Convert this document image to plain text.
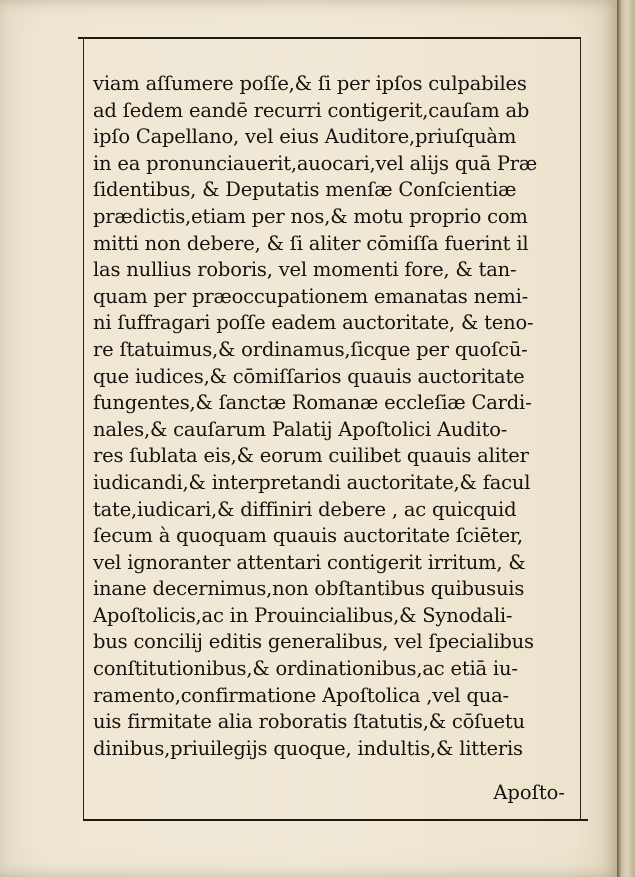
viam aſſumere poſſe,& ſi per ipſos culpabiles
ad ſedem eandē recurri contigerit,cauſam ab
ipſo Capellano, vel eius Auditore,priuſquàm
in ea pronunciauerit,auocari,vel alijs quā Præ
ſidentibus, & Deputatis menſæ Conſcientiæ
prædictis,etiam per nos,& motu proprio com
mitti non debere, & ſi aliter cōmiſſa fuerint il
las nullius roboris, vel momenti fore, & tan-
quam per præoccupationem emanatas nemi-
ni ſuffragari poſſe eadem auctoritate, & teno-
re ſtatuimus,& ordinamus,ſicque per quoſcū-
que iudices,& cōmiſſarios quauis auctoritate
fungentes,& ſanctæ Romanæ eccleſiæ Cardi-
nales,& cauſarum Palatij Apoſtolici Audito-
res ſublata eis,& eorum cuilibet quauis aliter
iudicandi,& interpretandi auctoritate,& facul
tate,iudicari,& diffiniri debere , ac quicquid
ſecum à quoquam quauis auctoritate ſciēter,
vel ignoranter attentari contigerit irritum, &
inane decernimus,non obſtantibus quibusuis
Apoſtolicis,ac in Prouincialibus,& Synodali-
bus concilij editis generalibus, vel ſpecialibus
conſtitutionibus,& ordinationibus,ac etiā iu-
ramento,confirmatione Apoſtolica ,vel qua-
uis firmitate alia roboratis ſtatutis,& cōſuetu
dinibus,priuilegijs quoque, indultis,& litteris
Apoſto-
